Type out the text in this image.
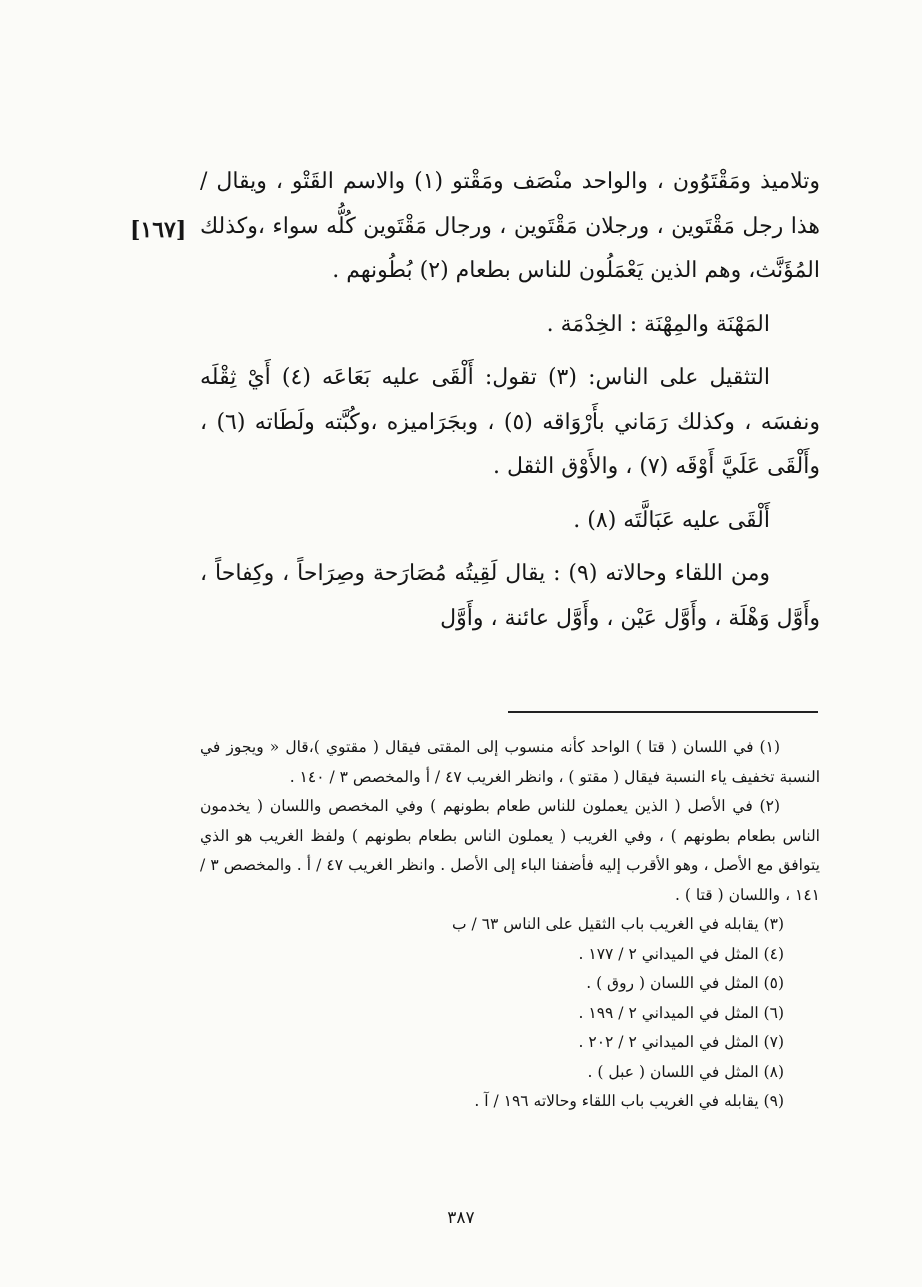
[١٦٧]

وتلاميذ ومَقْتَوُون ، والواحد منْصَف ومَقْتو (١) والاسم القَتْو ، ويقال / هذا رجل مَقْتَوين ، ورجلان مَقْتَوين ، ورجال مَقْتَوين كُلُّه سواء ،وكذلك المُؤَنَّث، وهم الذين يَعْمَلُون للناس بطعام (٢) بُطُونهم .

المَهْنَة والمِهْنَة : الخِدْمَة .

التثقيل على الناس: (٣) تقول: أَلْقَى عليه بَعَاعَه (٤) أَيْ ثِقْلَه ونفسَه ، وكذلك رَمَاني بأَرْوَاقه (٥) ، وبجَرَاميزه ،وكُبَّته ولَطَاته (٦) ، وأَلْقَى عَلَيَّ أَوْقَه (٧) ، والأَوْق الثقل .

أَلْقَى عليه عَبَالَّتَه (٨) .

ومن اللقاء وحالاته (٩) : يقال لَقِيتُه مُصَارَحة وصِرَاحاً ، وكِفاحاً ، وأَوَّل وَهْلَة ، وأَوَّل عَيْن ، وأَوَّل عائنة ، وأَوَّل

(١) في اللسان ( قتا ) الواحد كأنه منسوب إلى المقتى فيقال ( مقتوي )،قال « ويجوز في النسبة تخفيف ياء النسبة فيقال ( مقتو ) ، وانظر الغريب ٤٧ / أ والمخصص ٣ / ١٤٠ .

(٢) في الأصل ( الذين يعملون للناس طعام بطونهم ) وفي المخصص واللسان ( يخدمون الناس بطعام بطونهم ) ، وفي الغريب ( يعملون الناس بطعام بطونهم ) ولفظ الغريب هو الذي يتوافق مع الأصل ، وهو الأقرب إليه فأضفنا الباء إلى الأصل . وانظر الغريب ٤٧ / أ . والمخصص ٣ / ١٤١ ، واللسان ( قتا ) .

(٣) يقابله في الغريب باب الثقيل على الناس ٦٣ / ب

(٤) المثل في الميداني ٢ / ١٧٧ .

(٥) المثل في اللسان ( روق ) .

(٦) المثل في الميداني ٢ / ١٩٩ .

(٧) المثل في الميداني ٢ / ٢٠٢ .

(٨) المثل في اللسان ( عبل ) .

(٩) يقابله في الغريب باب اللقاء وحالاته ١٩٦ / آ .

٣٨٧
